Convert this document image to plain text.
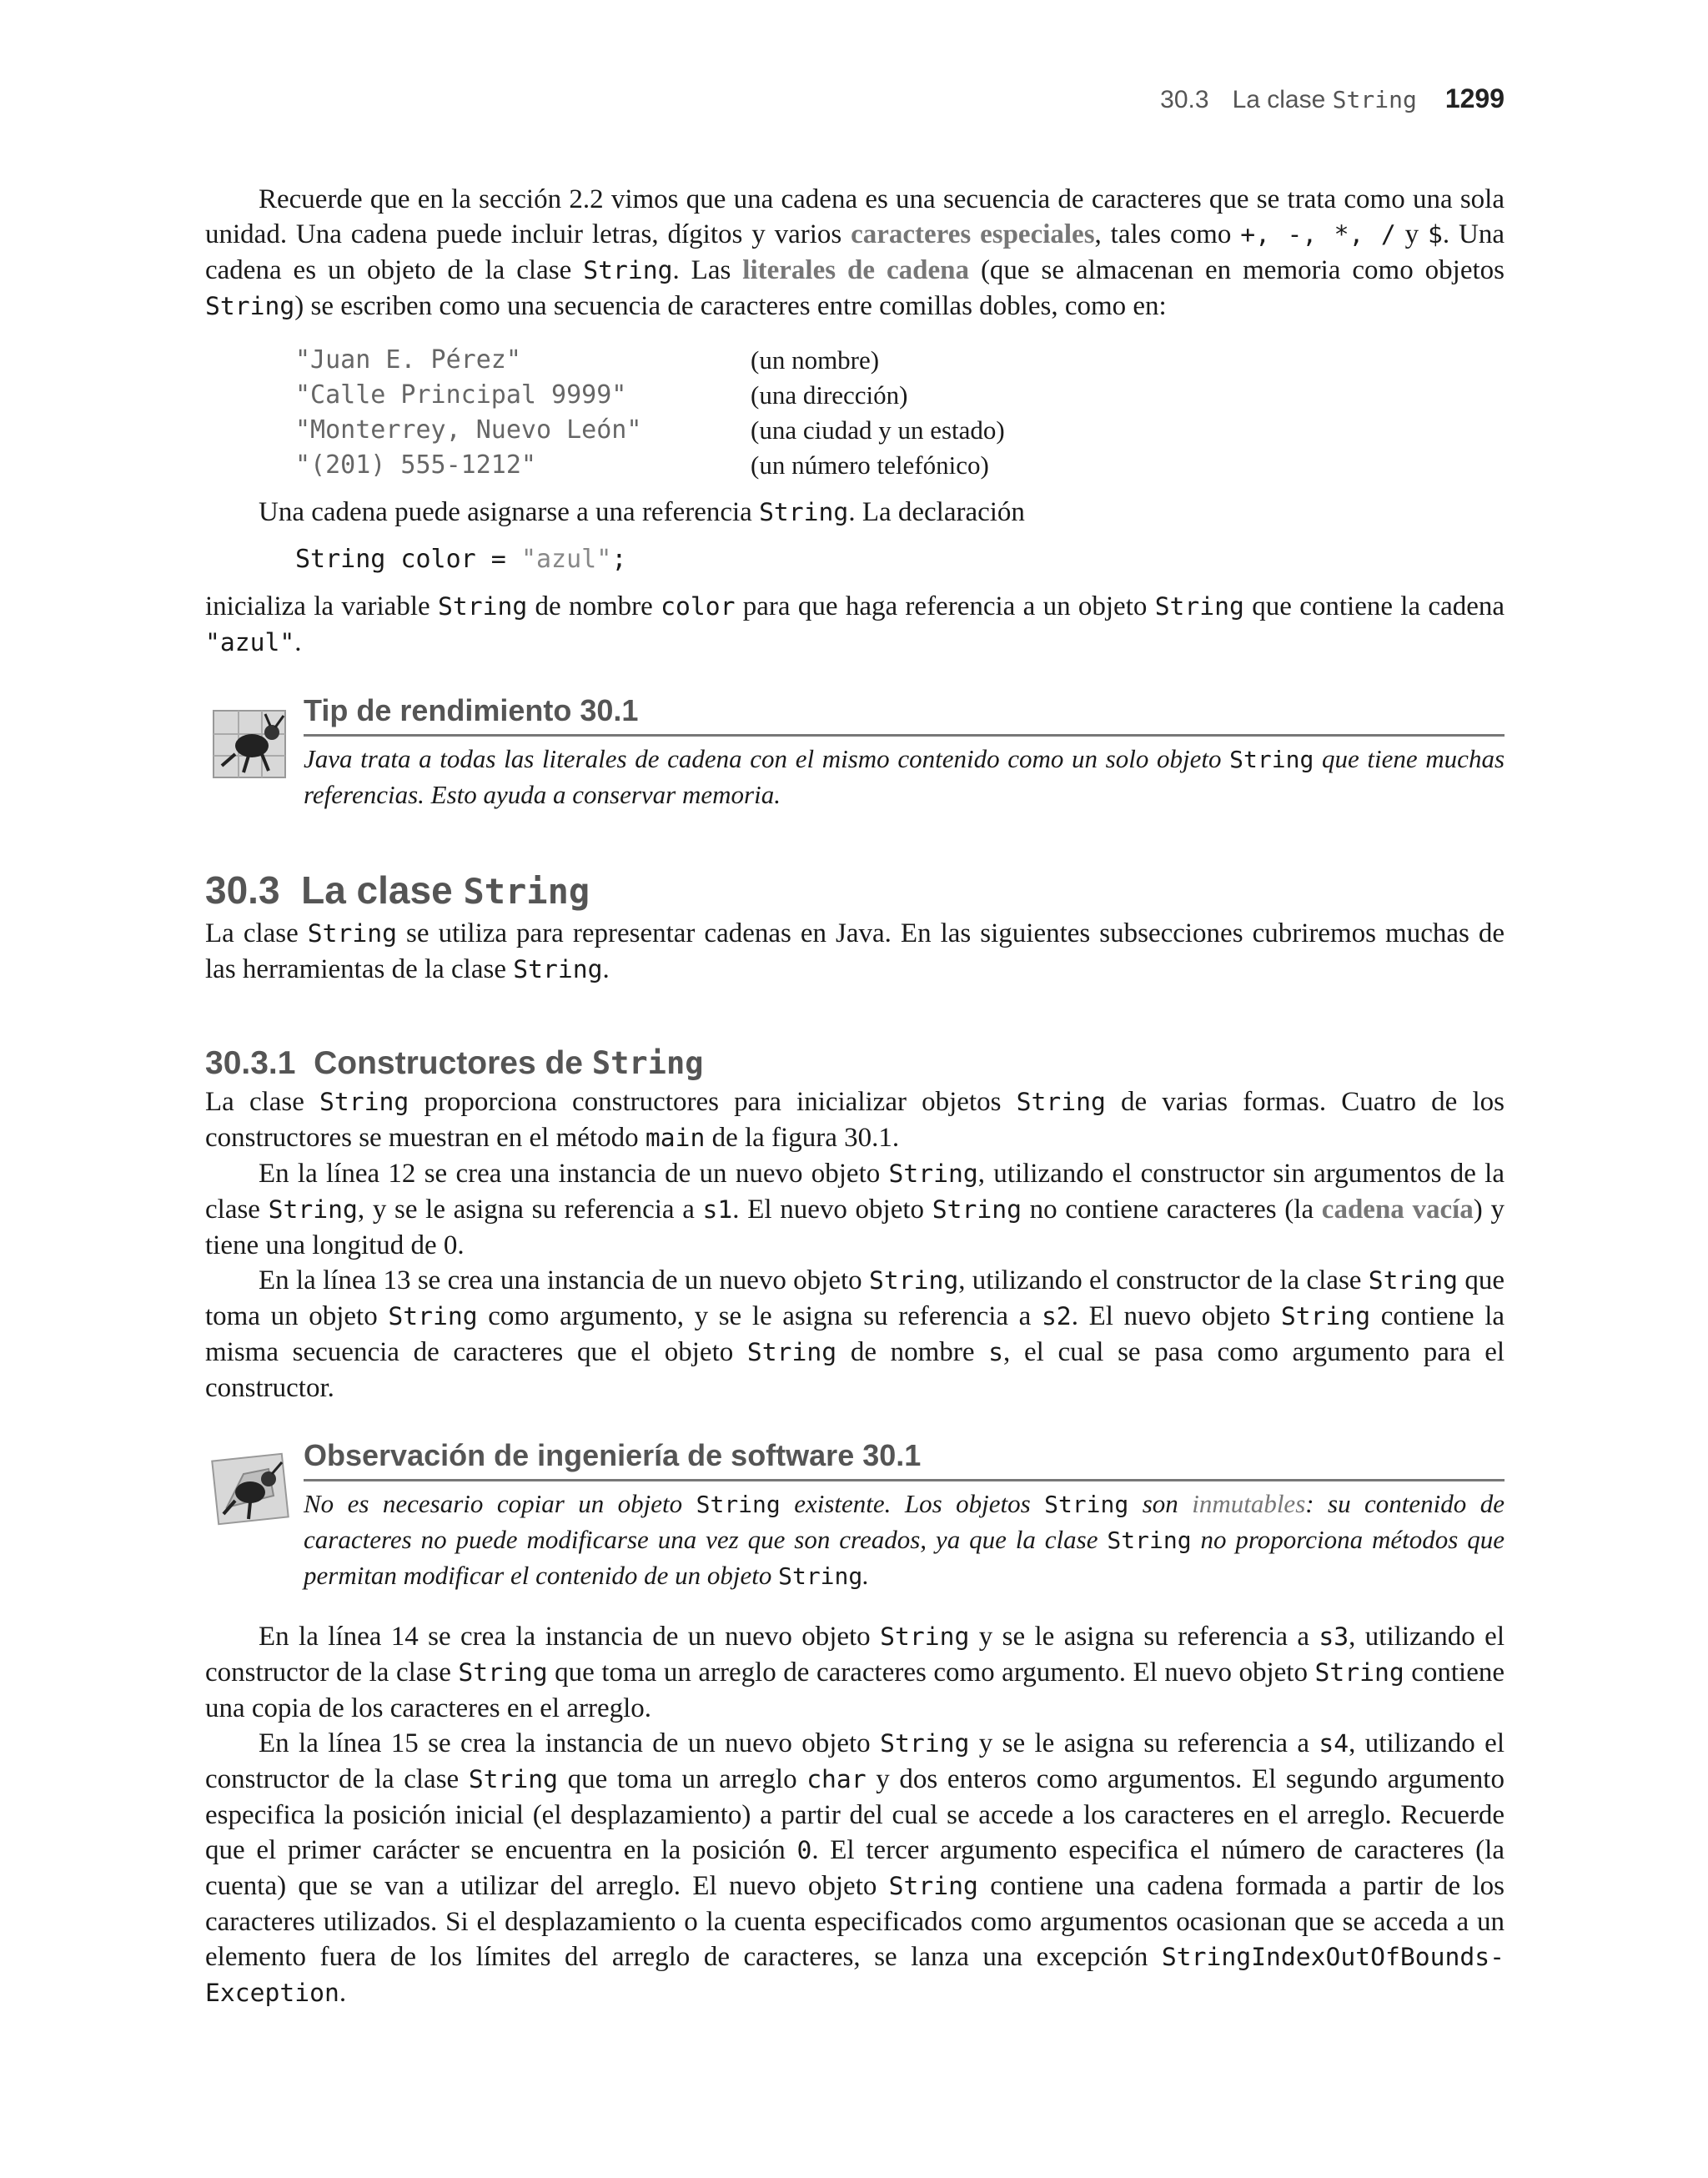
30.3 La clase String 1299

Recuerde que en la sección 2.2 vimos que una cadena es una secuencia de caracteres que se trata como una sola unidad. Una cadena puede incluir letras, dígitos y varios caracteres especiales, tales como +, -, *, / y $. Una cadena es un objeto de la clase String. Las literales de cadena (que se almacenan en memoria como objetos String) se escriben como una secuencia de caracteres entre comillas dobles, como en:

"Juan E. Pérez"	(un nombre)
"Calle Principal 9999"	(una dirección)
"Monterrey, Nuevo León"	(una ciudad y un estado)
"(201) 555-1212"	(un número telefónico)

Una cadena puede asignarse a una referencia String. La declaración

String color = "azul";

inicializa la variable String de nombre color para que haga referencia a un objeto String que contiene la cadena "azul".

Tip de rendimiento 30.1
Java trata a todas las literales de cadena con el mismo contenido como un solo objeto String que tiene muchas referencias. Esto ayuda a conservar memoria.
30.3 La clase String

La clase String se utiliza para representar cadenas en Java. En las siguientes subsecciones cubriremos muchas de las herramientas de la clase String.

30.3.1 Constructores de String

La clase String proporciona constructores para inicializar objetos String de varias formas. Cuatro de los constructores se muestran en el método main de la figura 30.1.

En la línea 12 se crea una instancia de un nuevo objeto String, utilizando el constructor sin argumentos de la clase String, y se le asigna su referencia a s1. El nuevo objeto String no contiene caracteres (la cadena vacía) y tiene una longitud de 0.

En la línea 13 se crea una instancia de un nuevo objeto String, utilizando el constructor de la clase String que toma un objeto String como argumento, y se le asigna su referencia a s2. El nuevo objeto String contiene la misma secuencia de caracteres que el objeto String de nombre s, el cual se pasa como argumento para el constructor.

Observación de ingeniería de software 30.1
No es necesario copiar un objeto String existente. Los objetos String son inmutables: su contenido de caracteres no puede modificarse una vez que son creados, ya que la clase String no proporciona métodos que permitan modificar el contenido de un objeto String.

En la línea 14 se crea la instancia de un nuevo objeto String y se le asigna su referencia a s3, utilizando el constructor de la clase String que toma un arreglo de caracteres como argumento. El nuevo objeto String contiene una copia de los caracteres en el arreglo.

En la línea 15 se crea la instancia de un nuevo objeto String y se le asigna su referencia a s4, utilizando el constructor de la clase String que toma un arreglo char y dos enteros como argumentos. El segundo argumento especifica la posición inicial (el desplazamiento) a partir del cual se accede a los caracteres en el arreglo. Recuerde que el primer carácter se encuentra en la posición 0. El tercer argumento especifica el número de caracteres (la cuenta) que se van a utilizar del arreglo. El nuevo objeto String contiene una cadena formada a partir de los caracteres utilizados. Si el desplazamiento o la cuenta especificados como argumentos ocasionan que se acceda a un elemento fuera de los límites del arreglo de caracteres, se lanza una excepción StringIndexOutOfBounds-Exception.
